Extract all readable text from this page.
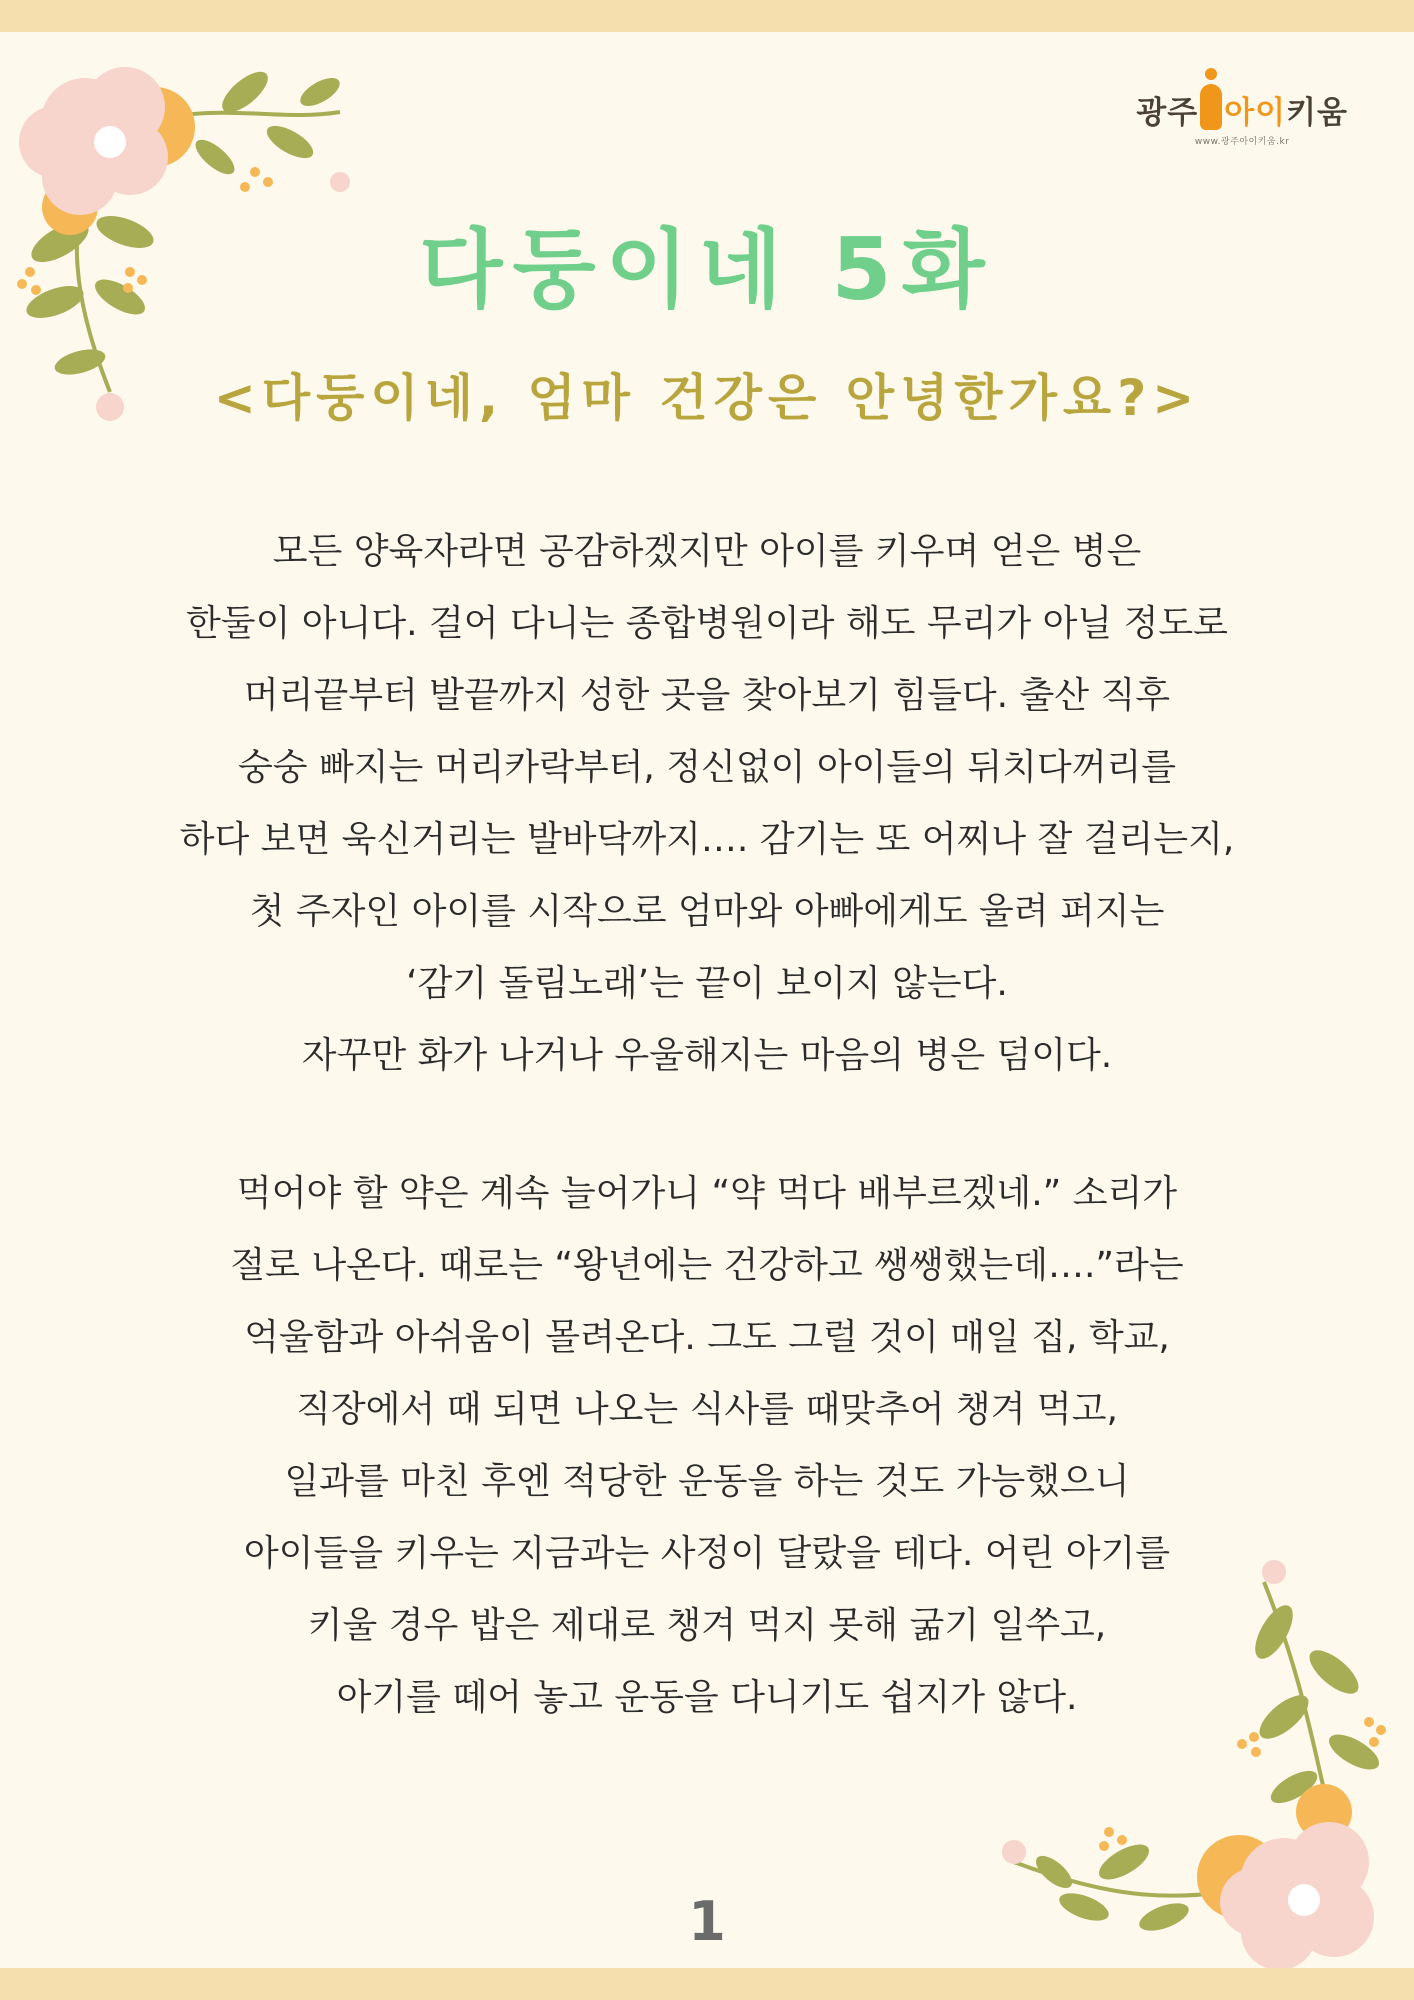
광주 아이 키움
www.광주아이키움.kr
다둥이네 5화
<다둥이네, 엄마 건강은 안녕한가요?>
모든 양육자라면 공감하겠지만 아이를 키우며 얻은 병은
한둘이 아니다. 걸어 다니는 종합병원이라 해도 무리가 아닐 정도로
머리끝부터 발끝까지 성한 곳을 찾아보기 힘들다. 출산 직후
숭숭 빠지는 머리카락부터, 정신없이 아이들의 뒤치다꺼리를
하다 보면 욱신거리는 발바닥까지…. 감기는 또 어찌나 잘 걸리는지,
첫 주자인 아이를 시작으로 엄마와 아빠에게도 울려 퍼지는
‘감기 돌림노래’는 끝이 보이지 않는다.
자꾸만 화가 나거나 우울해지는 마음의 병은 덤이다.
먹어야 할 약은 계속 늘어가니 “약 먹다 배부르겠네.” 소리가
절로 나온다. 때로는 “왕년에는 건강하고 쌩쌩했는데….”라는
억울함과 아쉬움이 몰려온다. 그도 그럴 것이 매일 집, 학교,
직장에서 때 되면 나오는 식사를 때맞추어 챙겨 먹고,
일과를 마친 후엔 적당한 운동을 하는 것도 가능했으니
아이들을 키우는 지금과는 사정이 달랐을 테다. 어린 아기를
키울 경우 밥은 제대로 챙겨 먹지 못해 굶기 일쑤고,
아기를 떼어 놓고 운동을 다니기도 쉽지가 않다.
1
